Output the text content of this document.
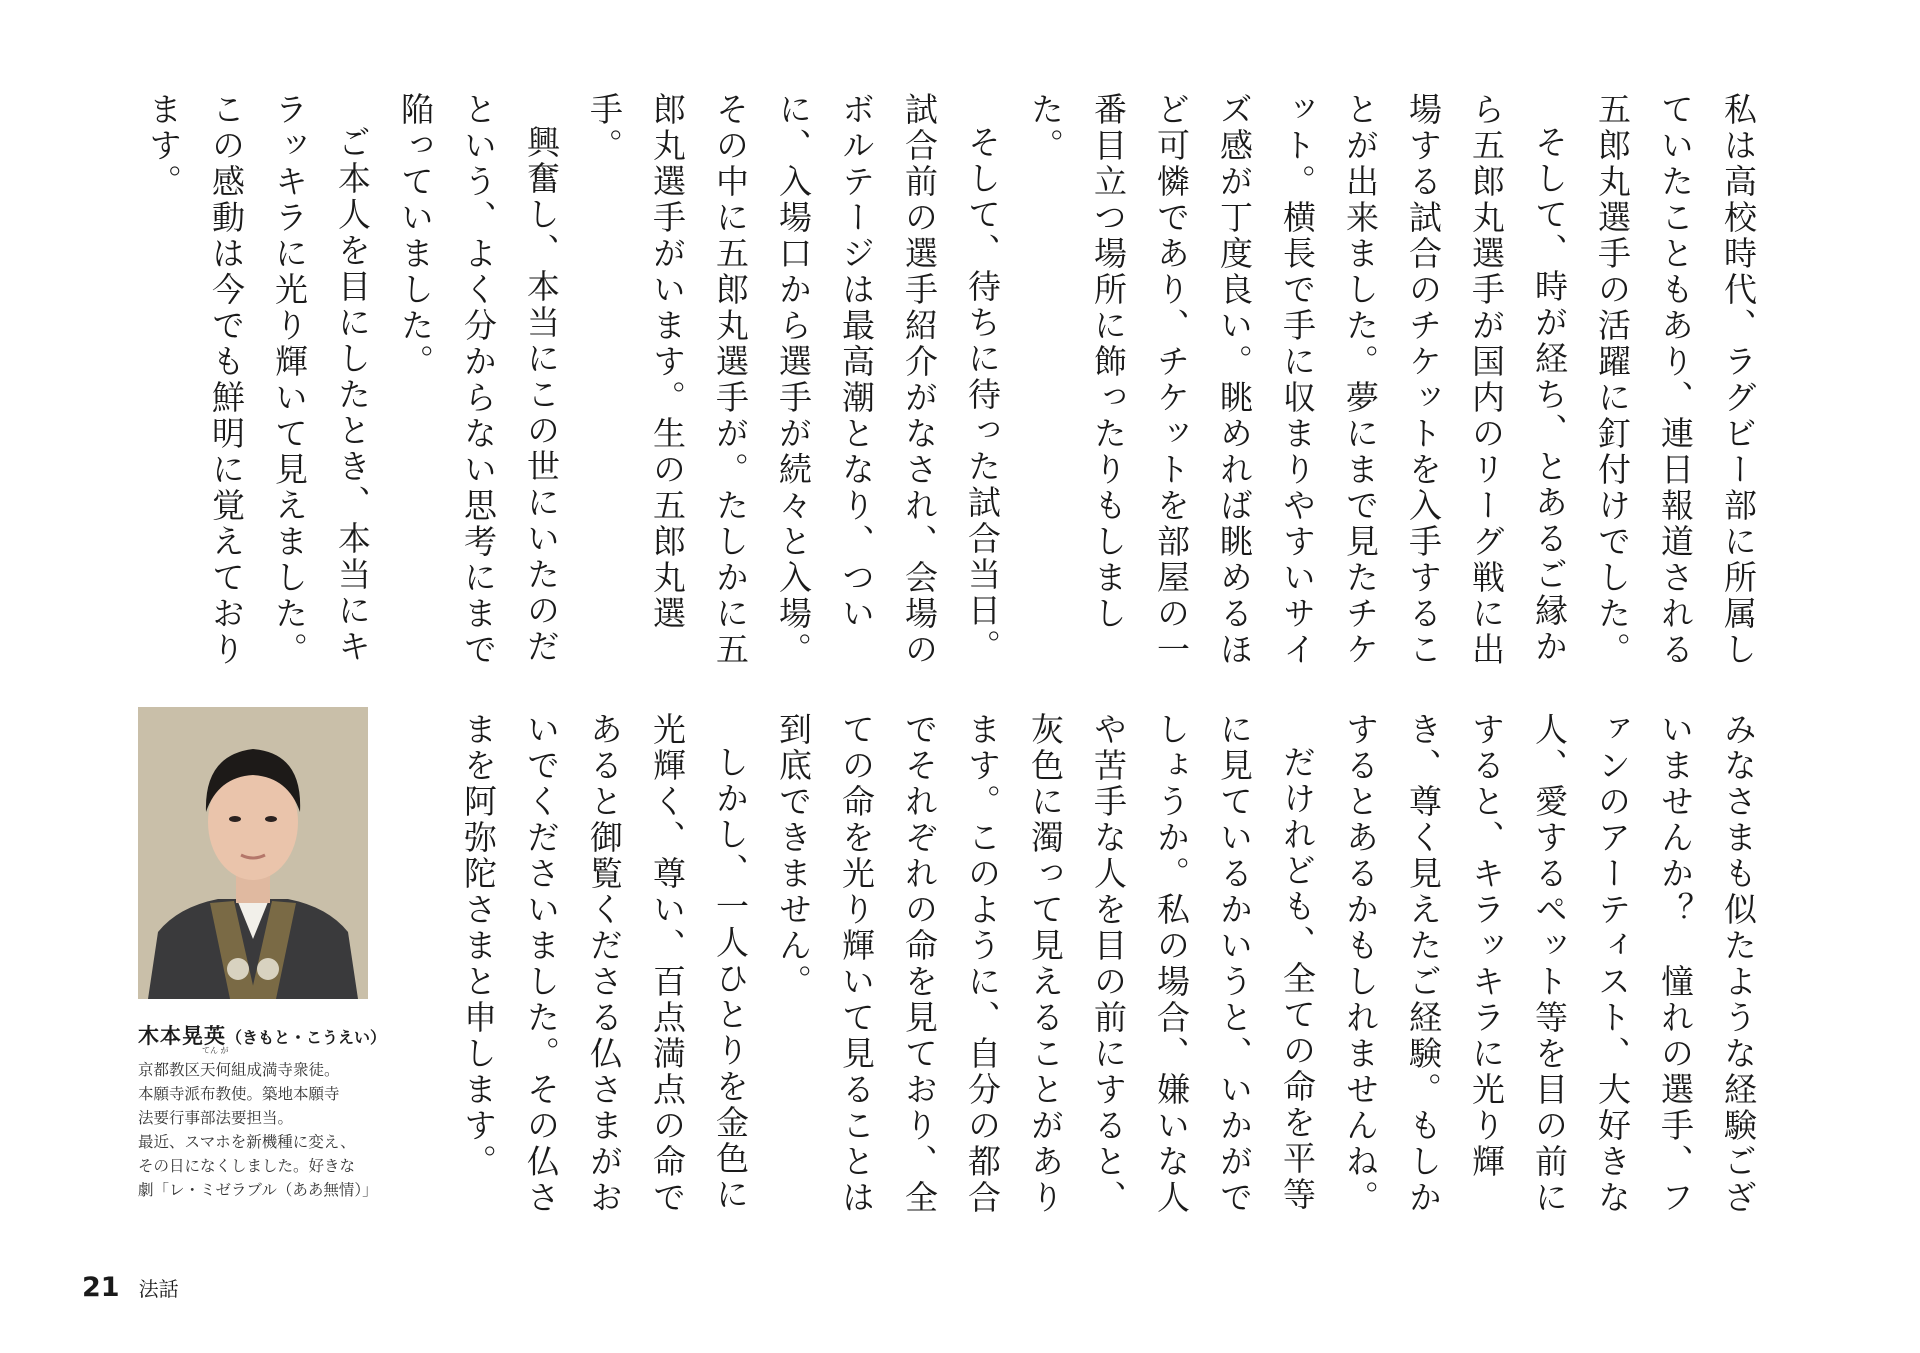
私は高校時代、ラグビー部に所属していたこともあり、連日報道される五郎丸選手の活躍に釘付けでした。

そして、時が経ち、とあるご縁から五郎丸選手が国内のリーグ戦に出場する試合のチケットを入手することが出来ました。夢にまで見たチケット。横長で手に収まりやすいサイズ感が丁度良い。眺めれば眺めるほど可憐であり、チケットを部屋の一番目立つ場所に飾ったりもしました。

そして、待ちに待った試合当日。試合前の選手紹介がなされ、会場のボルテージは最高潮となり、ついに、入場口から選手が続々と入場。その中に五郎丸選手が。たしかに五郎丸選手がいます。生の五郎丸選手。

興奮し、本当にこの世にいたのだという、よく分からない思考にまで陥っていました。

ご本人を目にしたとき、本当にキラッキラに光り輝いて見えました。この感動は今でも鮮明に覚えております。

みなさまも似たような経験ございませんか？　憧れの選手、ファンのアーティスト、大好きな人、愛するペット等を目の前にすると、キラッキラに光り輝き、尊く見えたご経験。もしかするとあるかもしれませんね。

だけれども、全ての命を平等に見ているかいうと、いかがでしょうか。私の場合、嫌いな人や苦手な人を目の前にすると、灰色に濁って見えることがあります。このように、自分の都合でそれぞれの命を見ており、全ての命を光り輝いて見ることは到底できません。

しかし、一人ひとりを金色に光輝く、尊い、百点満点の命であると御覧くださる仏さまがおいでくださいました。その仏さまを阿弥陀さまと申します。

木本晃英（きもと・こうえい）
京都教区
てん が
天何組成満寺衆徒。
本願寺派布教使。築地本願寺
法要行事部法要担当。
最近、スマホを新機種に変え、
その日になくしました。好きな
劇「レ・ミゼラブル（ああ無情）」
21 法話
